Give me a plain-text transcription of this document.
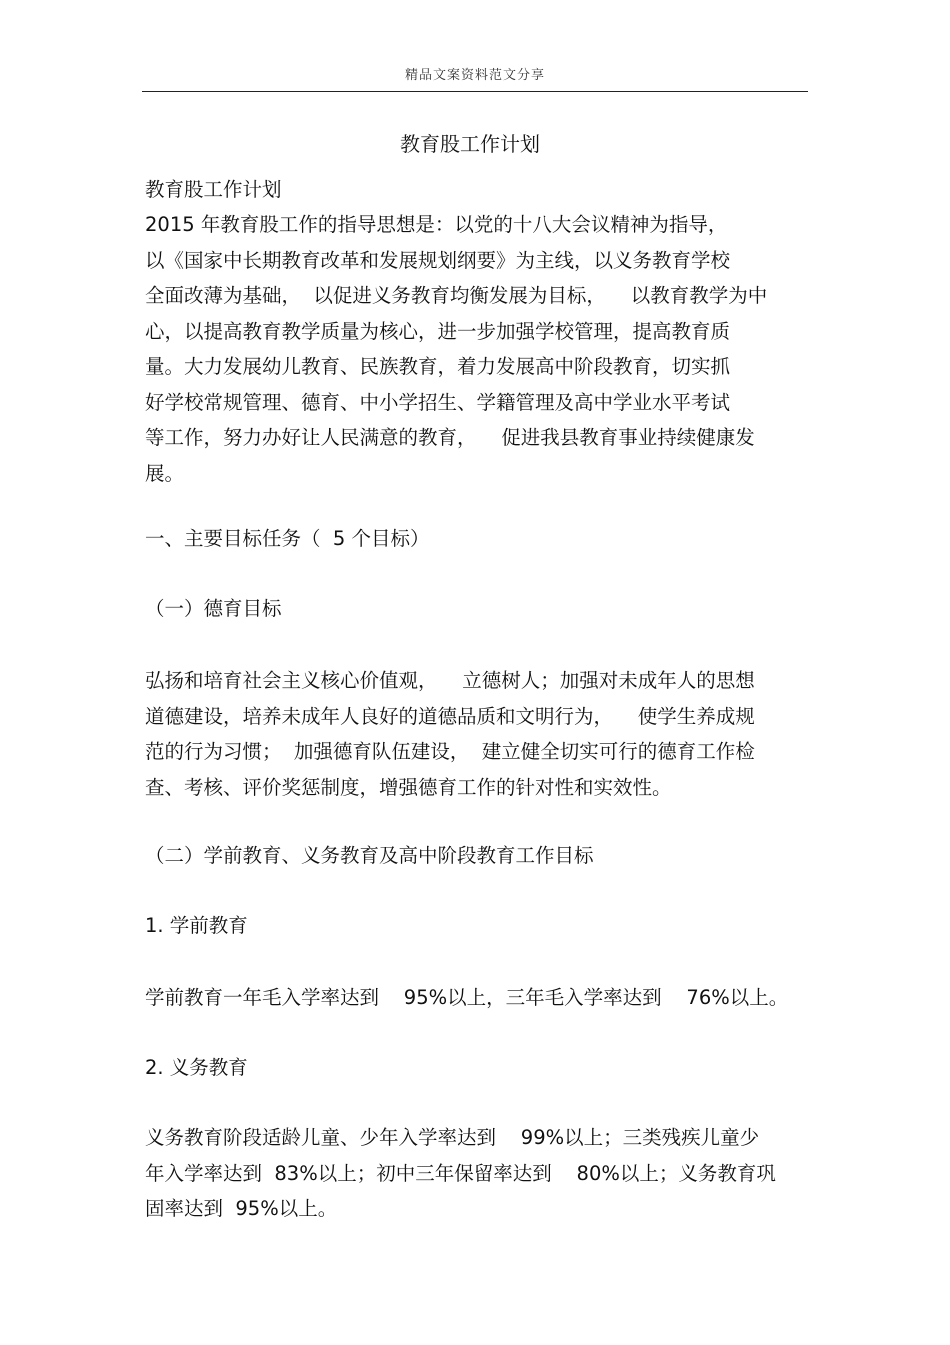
精品文案资料范文分享
教育股工作计划
教育股工作计划
2015 年教育股工作的指导思想是：以党的十八大会议精神为指导，
以《国家中长期教育改革和发展规划纲要》为主线，以义务教育学校
全面改薄为基础，  以促进义务教育均衡发展为目标，    以教育教学为中
心，以提高教育教学质量为核心，进一步加强学校管理，提高教育质
量。大力发展幼儿教育、民族教育，着力发展高中阶段教育，切实抓
好学校常规管理、德育、中小学招生、学籍管理及高中学业水平考试
等工作，努力办好让人民满意的教育，    促进我县教育事业持续健康发
展。
一、主要目标任务（  5 个目标）
（一）德育目标
弘扬和培育社会主义核心价值观，    立德树人；加强对未成年人的思想
道德建设，培养未成年人良好的道德品质和文明行为，    使学生养成规
范的行为习惯；  加强德育队伍建设，  建立健全切实可行的德育工作检
查、考核、评价奖惩制度，增强德育工作的针对性和实效性。
（二）学前教育、义务教育及高中阶段教育工作目标
1. 学前教育
学前教育一年毛入学率达到    95%以上，三年毛入学率达到    76%以上。
2. 义务教育
义务教育阶段适龄儿童、少年入学率达到    99%以上；三类残疾儿童少
年入学率达到  83%以上；初中三年保留率达到    80%以上；义务教育巩
固率达到  95%以上。
